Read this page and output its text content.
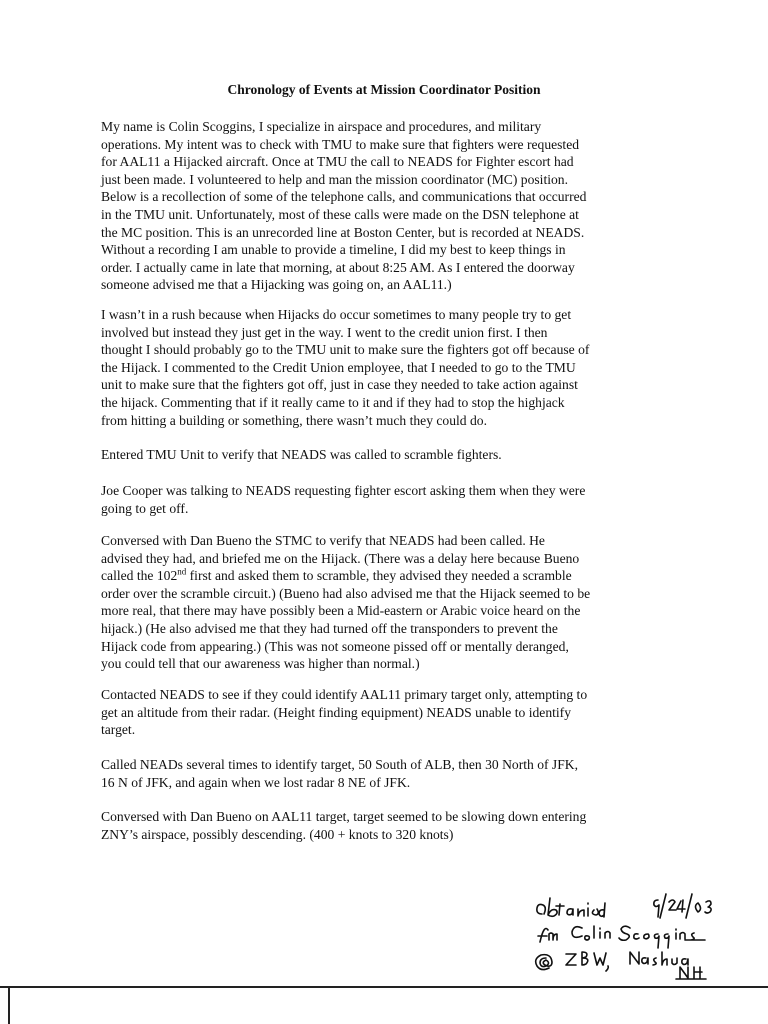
Chronology of Events at Mission Coordinator Position
My name is Colin Scoggins, I specialize in airspace and procedures, and military
operations. My intent was to check with TMU to make sure that fighters were requested
for AAL11 a Hijacked aircraft. Once at TMU the call to NEADS for Fighter escort had
just been made. I volunteered to help and man the mission coordinator (MC) position.
Below is a recollection of some of the telephone calls, and communications that occurred
in the TMU unit. Unfortunately, most of these calls were made on the DSN telephone at
the MC position. This is an unrecorded line at Boston Center, but is recorded at NEADS.
Without a recording I am unable to provide a timeline, I did my best to keep things in
order. I actually came in late that morning, at about 8:25 AM. As I entered the doorway
someone advised me that a Hijacking was going on, an AAL11.)
I wasn’t in a rush because when Hijacks do occur sometimes to many people try to get
involved but instead they just get in the way. I went to the credit union first. I then
thought I should probably go to the TMU unit to make sure the fighters got off because of
the Hijack. I commented to the Credit Union employee, that I needed to go to the TMU
unit to make sure that the fighters got off, just in case they needed to take action against
the hijack. Commenting that if it really came to it and if they had to stop the highjack
from hitting a building or something, there wasn’t much they could do.
Entered TMU Unit to verify that NEADS was called to scramble fighters.
Joe Cooper was talking to NEADS requesting fighter escort asking them when they were
going to get off.
Conversed with Dan Bueno the STMC to verify that NEADS had been called. He
advised they had, and briefed me on the Hijack. (There was a delay here because Bueno
called the 102nd first and asked them to scramble, they advised they needed a scramble
order over the scramble circuit.) (Bueno had also advised me that the Hijack seemed to be
more real, that there may have possibly been a Mid-eastern or Arabic voice heard on the
hijack.) (He also advised me that they had turned off the transponders to prevent the
Hijack code from appearing.) (This was not someone pissed off or mentally deranged,
you could tell that our awareness was higher than normal.)
Contacted NEADS to see if they could identify AAL11 primary target only, attempting to
get an altitude from their radar. (Height finding equipment) NEADS unable to identify
target.
Called NEADs several times to identify target, 50 South of ALB, then 30 North of JFK,
16 N of JFK, and again when we lost radar 8 NE of JFK.
Conversed with Dan Bueno on AAL11 target, target seemed to be slowing down entering
ZNY’s airspace, possibly descending. (400 + knots to 320 knots)
